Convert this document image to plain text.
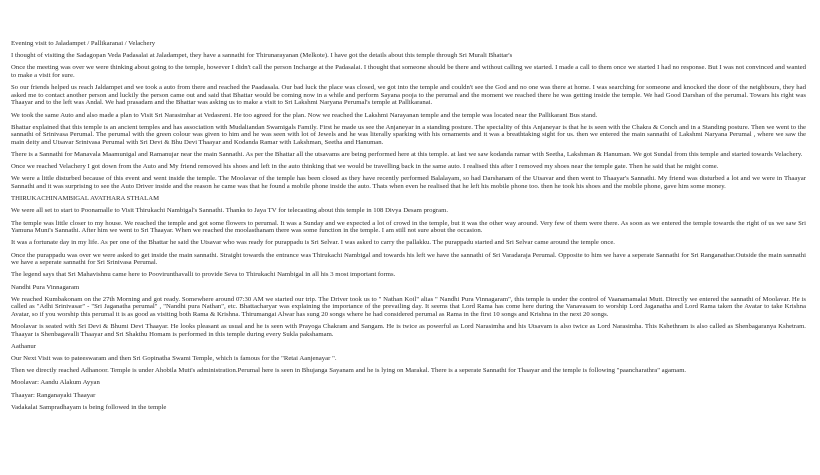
Evening visit to Jaladampet / Pallikaranai / Velachery

I thought of visiting the Sadagopan Veda Padasalai at Jaladampet, they have a sannathi for Thirunarayanan (Melkote). I have got the details about this temple through Sri Murali Bhattar's

Once the meeting was over we were thinking about going to the temple, however I didn't call the person Incharge at the Padasalai. I thought that someone should be there and without calling we started. I made a call to them once we started I had no response. But I was not convinced and wanted to make a visit for sure.

So our friends helped us reach Jaldampet and we took a auto from there and reached the Paadasala. Our bad luck the place was closed, we got into the temple and couldn't see the God and no one was there at home. I was searching for someone and knocked the door of the neighbours, they had asked me to contact another person and luckily the person came out and said that Bhattar would be coming now in a while and perform Sayana pooja to the perumal and the moment we reached there he was getting inside the temple. We had Good Darshan of the perumal. Towars his right was Thaayar and to the left was Andal. We had prasadam and the Bhattar was asking us to make a visit to Sri Lakshmi Naryana Perumal's temple at Pallikaranai.

We took the same Auto and also made a plan to Visit Sri Narasimhar at Vedasreni. He too agreed for the plan. Now we reached the Lakshmi Narayanan temple and the temple was located near the Pallikarani Bus stand.

Bhattar explained that this temple is an ancient temples and has association with Mudaliandan Swamigals Family. First he made us see the Anjaneyar in a standing posture. The speciality of this Anjaneyar is that he is seen with the Chakra & Conch and in a Standing posture. Then we went to the sannathi of Srinivasa Perumal. The perumal with the green colour was given to him and he was seen with lot of Jewels and he was literally sparking with his ornaments and it was a breathtaking sight for us. then we entered the main sannathi of Lakshmi Naryana Perumal , where we saw the main deity and Utsavar Srinivasa Perumal with Sri Devi & Bhu Devi Thaayar and Kodanda Ramar with Lakshman, Seetha and Hanuman.

There is a Sannathi for Manavala Maamunigal and Ramanujar near the main Sannathi. As per the Bhattar all the utsavams are being performed here at this temple. at last we saw kodanda ramar with Seetha, Lakshman & Hanuman. We got Sundal from this temple and started towards Velachery.

Once we reached Velachery I got down from the Auto and My friend removed his shoes and left in the auto thinking that we would be travelling back in the same auto. I realised this after I removed my shoes near the temple gate. Then he said that he might come.

We were a little disturbed because of this event and went inside the temple. The Moolavar of the temple has been closed as they have recently performed Balalayam, so had Darshanam of the Utsavar and then went to Thaayar's Sannathi. My friend was disturbed a lot and we were in Thaayar Sannathi and it was surprising to see the Auto Driver inside and the reason he came was that he found a mobile phone inside the auto. Thats when even he realised that he left his mobile phone too. then he took his shoes and the mobile phone, gave him some money.

THIRUKACHINAMBIGAL AVATHARA STHALAM

We were all set to start to Poonamalle to Visit Thirukachi Nambigal's Sannathi. Thanks to Jaya TV for telecasting about this temple in 108 Divya Desam program.

The temple was little closer to my house. We reached the temple and got some flowers to perumal. It was a Sunday and we expected a lot of crowd in the temple, but it was the other way around. Very few of them were there. As soon as we entered the temple towards the right of us we saw Sri Yamuna Muni's Sannathi. After him we went to Sri Thaayar. When we reached the moolasthanam there was some function in the temple. I am still not sure about the occasion.

It was a fortunate day in my life. As per one of the Bhattar he said the Utsavar who was ready for purappadu is Sri Selvar. I was asked to carry the pallakku. The purappadu started and Sri Selvar came around the temple once.

Once the purappadu was over we were asked to get inside the main sannathi. Straight towards the entrance was Thirukachi Nambigal and towards his left we have the sannathi of Sri Varadaraja Perumal. Opposite to him we have a seperate Sannathi for Sri Ranganathar.Outside the main sannathi we have a seperate sannathi for Sri Srinivasa Perumal.

The legend says that Sri Mahavishnu came here to Poovirunthavalli to provide Seva to Thirukachi Nambigal in all his 3 most important forms.

Nandhi Pura Vinnagaram

We reached Kumbakonam on the 27th Morning and got ready. Somewhere around 07:30 AM we started our trip. The Driver took us to " Nathan Koil" alias " Nandhi Pura Vinnagaram", this temple is under the control of Vaanamamalai Mutt. Directly we entered the sannathi of Moolavar. He is called as "Adhi Srinivasar" - "Sri Jaganatha perumal" , "Nandhi pura Nathan", etc. Bhattacharyar was explaining the importance of the prevailing day. It seems that Lord Rama has come here during the Vanavasam to worship Lord Jaganatha and Lord Rama taken the Avatar to take Krishna Avatar, so if you worship this perumal it is as good as visiting both Rama & Krishna. Thirumangai Alwar has sung 20 songs where he had considered perumal as Rama in the first 10 songs and Krishna in the next 20 songs.

Moolavar is seated with Sri Devi & Bhumi Devi Thaayar. He looks pleasant as usual and he is seen with Prayoga Chakram and Sangam. He is twice as powerful as Lord Narasimha and his Utsavam is also twice as Lord Narasimha. This Kshethram is also called as Shenbagaranya Kshetram. Thaayar is Shenbagavalli Thaayar and Sri Shakthu Homam is performed in this temple during every Sukla pakshamam.

Aathanur

Our Next Visit was to pateeswaram and then Sri Gopinatha Swami Temple, which is famous for the "Retai Aanjenayar ".

Then we directly reached Adhanoor. Temple is under Ahobila Mutt's administration.Perumal here is seen in Bhujanga Sayanam and he is lying on Marakal. There is a seperate Sannathi for Thaayar and the temple is following "paancharathra" agamam.

Moolavar: Aandu Alakum Ayyan

Thaayar: Ranganayaki Thaayar

Vadakalai Sampradhayam is being followed in the temple
